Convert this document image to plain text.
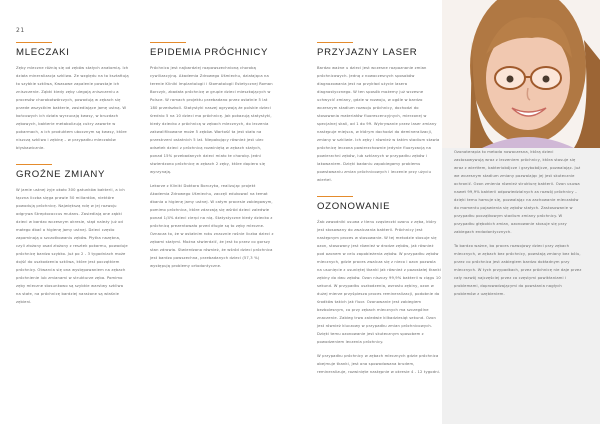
21
MLECZAKI

Zęby mleczne różnią się od zębów stałych anatomią. Ich działa mineralizacja szkliwa. Ze względu na to kształtują to szybkie szkliwa, Kwasowe zapalenie powstaje ich zniszczenie. Ząbki kiedy zęby ulegają zniszczeniu a procesów chorobotwórczych, powodują w zębach się przede wszystkim bakterie, zasiedlające jamę ustną. W końcowych ich działa wyrzucają kwasy, w bruzdach zębowych, bakterie metabolizują cukry zawarte w pokarmach, a ich produktem ubocznym są kwasy, które niszczą szkliwo i zębinę – w przypadku mleczaków błyskawicznie.

GROŹNE ZMIANY

W jamie ustnej żyje około 300 gatunków bakterii, a ich łączna liczba sięga prawie 50 miliardów, niektóre powodują próchnicę. Największą rolę w jej rozwoju odgrywa Streptococcus mutans. Zasiedlają one ząbki dzieci w bardzo wczesnym okresie, stąd należy już od małego dbać o higienę jamy ustnej. Dzieci często zapominają o szczotkowaniu zębów. Płytka nazębna, czyli złożony osad złożony z resztek pokarmu, powoduje próchnicę bardzo szybko. Już po 2 - 3 tygodniach może dojść do uszkodzenia szkliwa, które jest początkiem próchnicy. Otwarcia się ona występowaniem na zębach próchnienie lub zmianami w strukturze zęba. Pomimo zęby mleczne stosunkowo są szybkie warstwy szkliwa na stałe, na próchnicę bardziej narażone są właśnie zębieni.

EPIDEMIA PRÓCHNICY

Próchnica jest najbardziej rozpowszechnioną chorobą cywilizacyjną. Akademia Zdrowego Uśmiechu, działająca na terenie Kliniki Implantologii i Stomatologii Estetycznej Roman Borczyk, zbadała próchnicę w grupie dzieci mieszkających w Polsce. W ramach projektu przebadano przez ostatnie 5 lat 180 przedszkoli. Statystyki naszej ogrywają że polskie dzieci średnio 5 na 10 dzieci ma próchnicę. Jak pokazują statystyki, kiedy dziecko z próchnicą w zębach mlecznych, do leczenia zakwalifikowane może 5 zębów. Wartość ta jest stała na przestrzeni ostatnich 5 lat. Niepokojący również jest ulec odsetek dzieci z próchnicą rozwiniętą w zębach stałych, ponad 15% przebadanych dzieci miało te choroby. Jedni stwierdzono próchnicę w zębach 2 zęby, które dopiero się wyrzynają.

Lekarze z Kliniki Doktora Borczyka, realizując projekt Akademia Zdrowego Uśmiechu, zaczęli edukować na temat dbania o higienę jamy ustnej. W całym procesie zabiegowym, pomimo próchnica, które zdarzają się wśród dzieci zaledwie ponad 1/4% dzieci cierpi na nią. Statystyczne kiedy dziecko z próchnicą prezentowało przed długie są to zęby mleczne. Oznacza to, że w ostatnim roku znacznie rośnie liczba dzieci z zębami stałymi. Można stwierdzić, że jest to przez co gorszy stan zdrowia. Stwierdzono również, że wśród dzieci próchnica jest bardzo powszechna, przebadanych dzieci (57,3 %) występują problemy ortodontyczne.

PRZYJAZNY LASER

Bardzo ważne u dzieci jest wczesne rozpoznanie zmian próchnicowych. Jedną z nowoczesnych sposobów diagnozowania jest na przykład użycie lasera diagnostycznego. W ten sposób możemy już wczesne uchwycić zmiany, gdzie w rozwoju, w ogóle w bardzo wczesnym stadium rozwoju próchnicy, dochodzi do stosowania materiałów fluorescencyjnych, mierzonej w specjalnej skali, od 1 do 99. Wykrywanie przez laser zmiany następuje miejsca, w którym dochodzi do demineralizacji, zmiany w szkliwie. Ich zęby i również w takim stadium stawia próchnicę leczona powierzchownie jedynie fluoryzacją na powierzchni zębów, lub szklanych w przypadku zębów i lakowaniem. Dzięki badaniu zapobiegamy problemu powstawaniu zmian próchnicowych i leczenie przy użyciu wierteł.

OZONOWANIE

Żab zawodniki usuwa z tlenu cząsteczki ozonu z zęba, który jest stosowany do zwalczania bakterii. Próchnicy jest następnym proces w stosowanie. W tej metodzie stosuje się ozon, stosowany jest również w drodze zębów, jak również pod ozonem w celu zapobieżenia zębów. W przypadku zębów mlecznych, gdzie proces zwalcza się z nieco i ozon pozwala na usunięcie z usuniętej tkanki jak również z pozostałej tkanki zębiny do dwu zębów. Ozon niszczy 99,9% bakterii w ciągu 10 sekund. W przypadku uszkodzenia, wzrostu zębiny, ozon w dużej mierze przyśpiesza proces remineralizacji, podobnie do środków takich jak fluor. Ozonowanie jest zabiegiem bezbolesnym, co przy zębach mlecznych ma szczególne znaczenie. Zabieg trwa zaledwie kilkadziesiąt sekund. Ozon jest również kluczowy w przypadku zmian próchnicowych. Dzięki temu ozonowanie jest skutecznym sposobem z powodzeniem leczenia próchnicy.

W przypadku próchnicy w zębach mlecznych gdzie próchnica obejmuje tkanki, jest ona spowodowana brudem, remineralizuje, rozwinięte następnie w okresie 4 - 12 tygodni.

Ozonoterapia to metoda nowoczesna, którą dzieci zastosowywują wraz z leczeniem próchnicy, która stosuje się wraz z wiertłem, bakteriobójcze i grzybobójcze, pozwalając. Już we wczesnym stadium zmiany pozwalając jej jest skutecznie ochronić. Ozon zmienia również strukturę bakterii. Ozon usuwa nawet 99,9% bakterii odpowiedzialnych za rozwój próchnicy – dzięki temu hamuje się, pozwalając na zachowanie mleczaków do momentu pojawienia się zębów stałych. Zastosowanie w przypadku początkowym stadium zmiany próchnicy. W przypadku głębokich zmian, ozonowanie stosuje się przy zabiegach endodontycznych.

To bardzo ważne, bo proces rozwojowy dzieci przy zębach mlecznych, w zębach bez próchnicy, powstają zmiany bez bólu, przez co próchnica jest zabiegiem bardzo dokładnym przy mlecznych. W tych przypadkach, przez próchnicę nie daje przez cały rozwój najczęściej przez co częstymi powikłaniami i problemami, doprowadzającymi do powstania nagłych problemów z uzębieniem.
